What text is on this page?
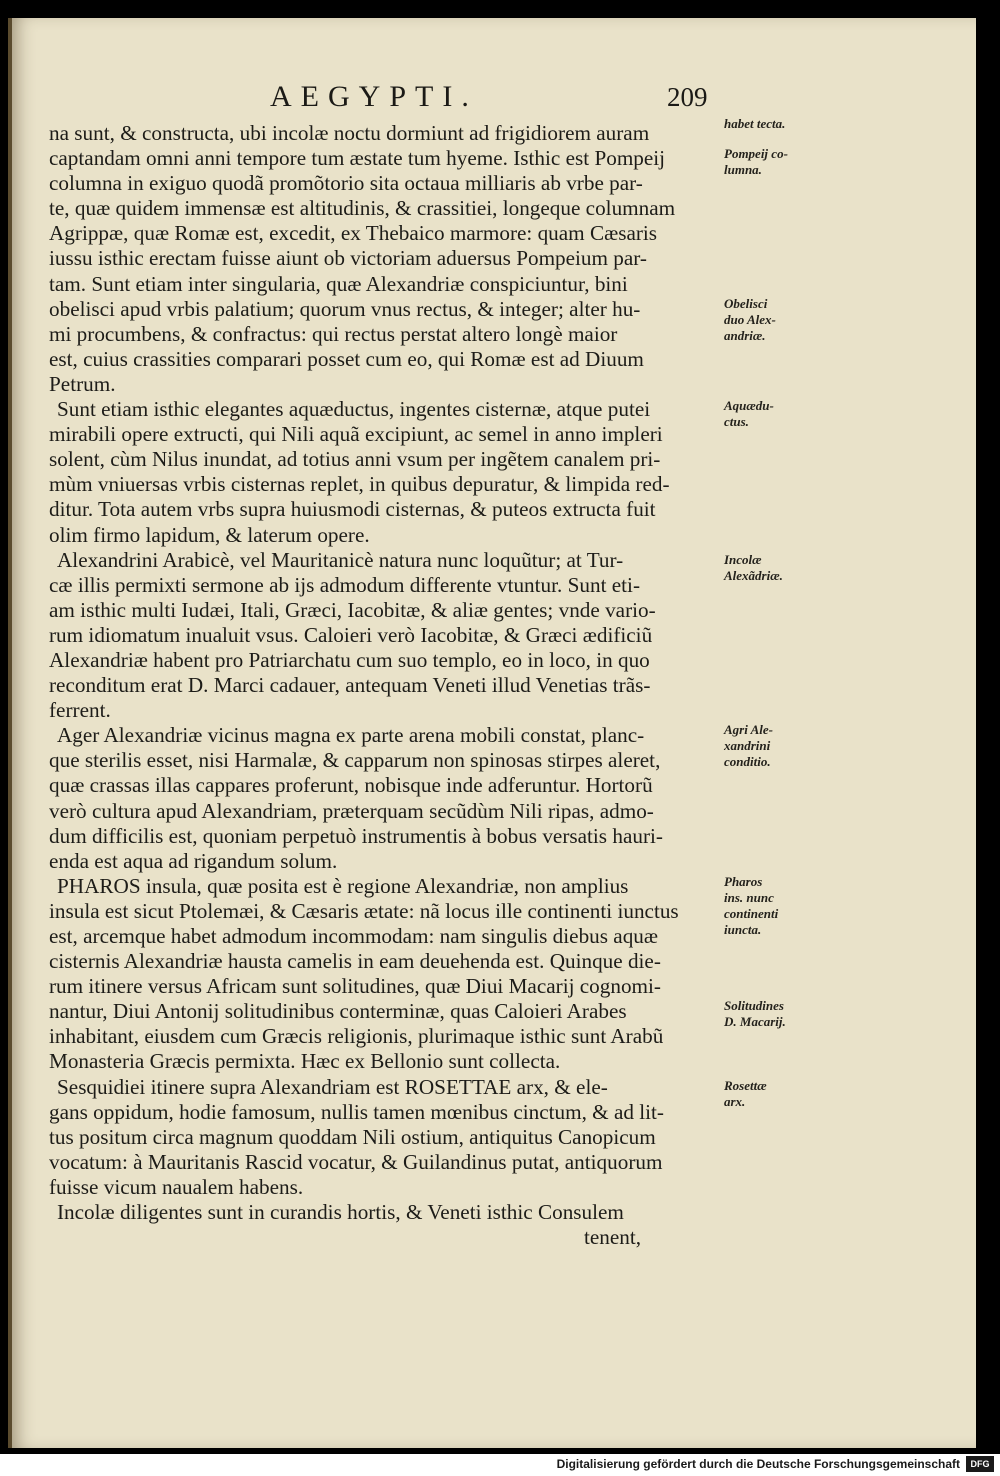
AEGYPTI.	209
na sunt, & constructa, ubi incolæ noctu dormiunt ad frigidiorem auram
captandam omni anni tempore tum æstate tum hyeme. Isthic est Pompeij
columna in exiguo quodã promõtorio sita octaua milliaris ab vrbe par-
te, quæ quidem immensæ est altitudinis, & crassitiei, longeque columnam
Agrippæ, quæ Romæ est, excedit, ex Thebaico marmore: quam Cæsaris
iussu isthic erectam fuisse aiunt ob victoriam aduersus Pompeium par-
tam. Sunt etiam inter singularia, quæ Alexandriæ conspiciuntur, bini
obelisci apud vrbis palatium; quorum vnus rectus, & integer; alter hu-
mi procumbens, & confractus: qui rectus perstat altero longè maior
est, cuius crassities comparari posset cum eo, qui Romæ est ad Diuum
Petrum.
Sunt etiam isthic elegantes aquæductus, ingentes cisternæ, atque putei
mirabili opere extructi, qui Nili aquã excipiunt, ac semel in anno impleri
solent, cùm Nilus inundat, ad totius anni vsum per ingẽtem canalem pri-
mùm vniuersas vrbis cisternas replet, in quibus depuratur, & limpida red-
ditur. Tota autem vrbs supra huiusmodi cisternas, & puteos extructa fuit
olim firmo lapidum, & laterum opere.
Alexandrini Arabicè, vel Mauritanicè natura nunc loquũtur; at Tur-
cæ illis permixti sermone ab ijs admodum differente vtuntur. Sunt eti-
am isthic multi Iudæi, Itali, Græci, Iacobitæ, & aliæ gentes; vnde vario-
rum idiomatum inualuit vsus. Caloieri verò Iacobitæ, & Græci ædificiũ
Alexandriæ habent pro Patriarchatu cum suo templo, eo in loco, in quo
reconditum erat D. Marci cadauer, antequam Veneti illud Venetias trãs-
ferrent.
Ager Alexandriæ vicinus magna ex parte arena mobili constat, planc-
que sterilis esset, nisi Harmalæ, & capparum non spinosas stirpes aleret,
quæ crassas illas cappares proferunt, nobisque inde adferuntur. Hortorũ
verò cultura apud Alexandriam, præterquam secũdùm Nili ripas, admo-
dum difficilis est, quoniam perpetuò instrumentis à bobus versatis hauri-
enda est aqua ad rigandum solum.
PHAROS insula, quæ posita est è regione Alexandriæ, non amplius
insula est sicut Ptolemæi, & Cæsaris ætate: nã locus ille continenti iunctus
est, arcemque habet admodum incommodam: nam singulis diebus aquæ
cisternis Alexandriæ hausta camelis in eam deuehenda est. Quinque die-
rum itinere versus Africam sunt solitudines, quæ Diui Macarij cognomi-
nantur, Diui Antonij solitudinibus conterminæ, quas Caloieri Arabes
inhabitant, eiusdem cum Græcis religionis, plurimaque isthic sunt Arabũ
Monasteria Græcis permixta. Hæc ex Bellonio sunt collecta.
Sesquidiei itinere supra Alexandriam est ROSETTAE arx, & ele-
gans oppidum, hodie famosum, nullis tamen mœnibus cinctum, & ad lit-
tus positum circa magnum quoddam Nili ostium, antiquitus Canopicum
vocatum: à Mauritanis Rascid vocatur, & Guilandinus putat, antiquorum
fuisse vicum naualem habens.
Incolæ diligentes sunt in curandis hortis, & Veneti isthic Consulem
tenent,
habet tecta.
Pompeij co-
lumna.
Obelisci
duo Alex-
andriæ.
Aquædu-
ctus.
Incolæ
Alexãdriæ.
Agri Ale-
xandrini
conditio.
Pharos
ins. nunc
continenti
iuncta.
Solitudines
D. Macarij.
Rosettæ
arx.
Digitalisierung gefördert durch die Deutsche Forschungsgemeinschaft	DFG
